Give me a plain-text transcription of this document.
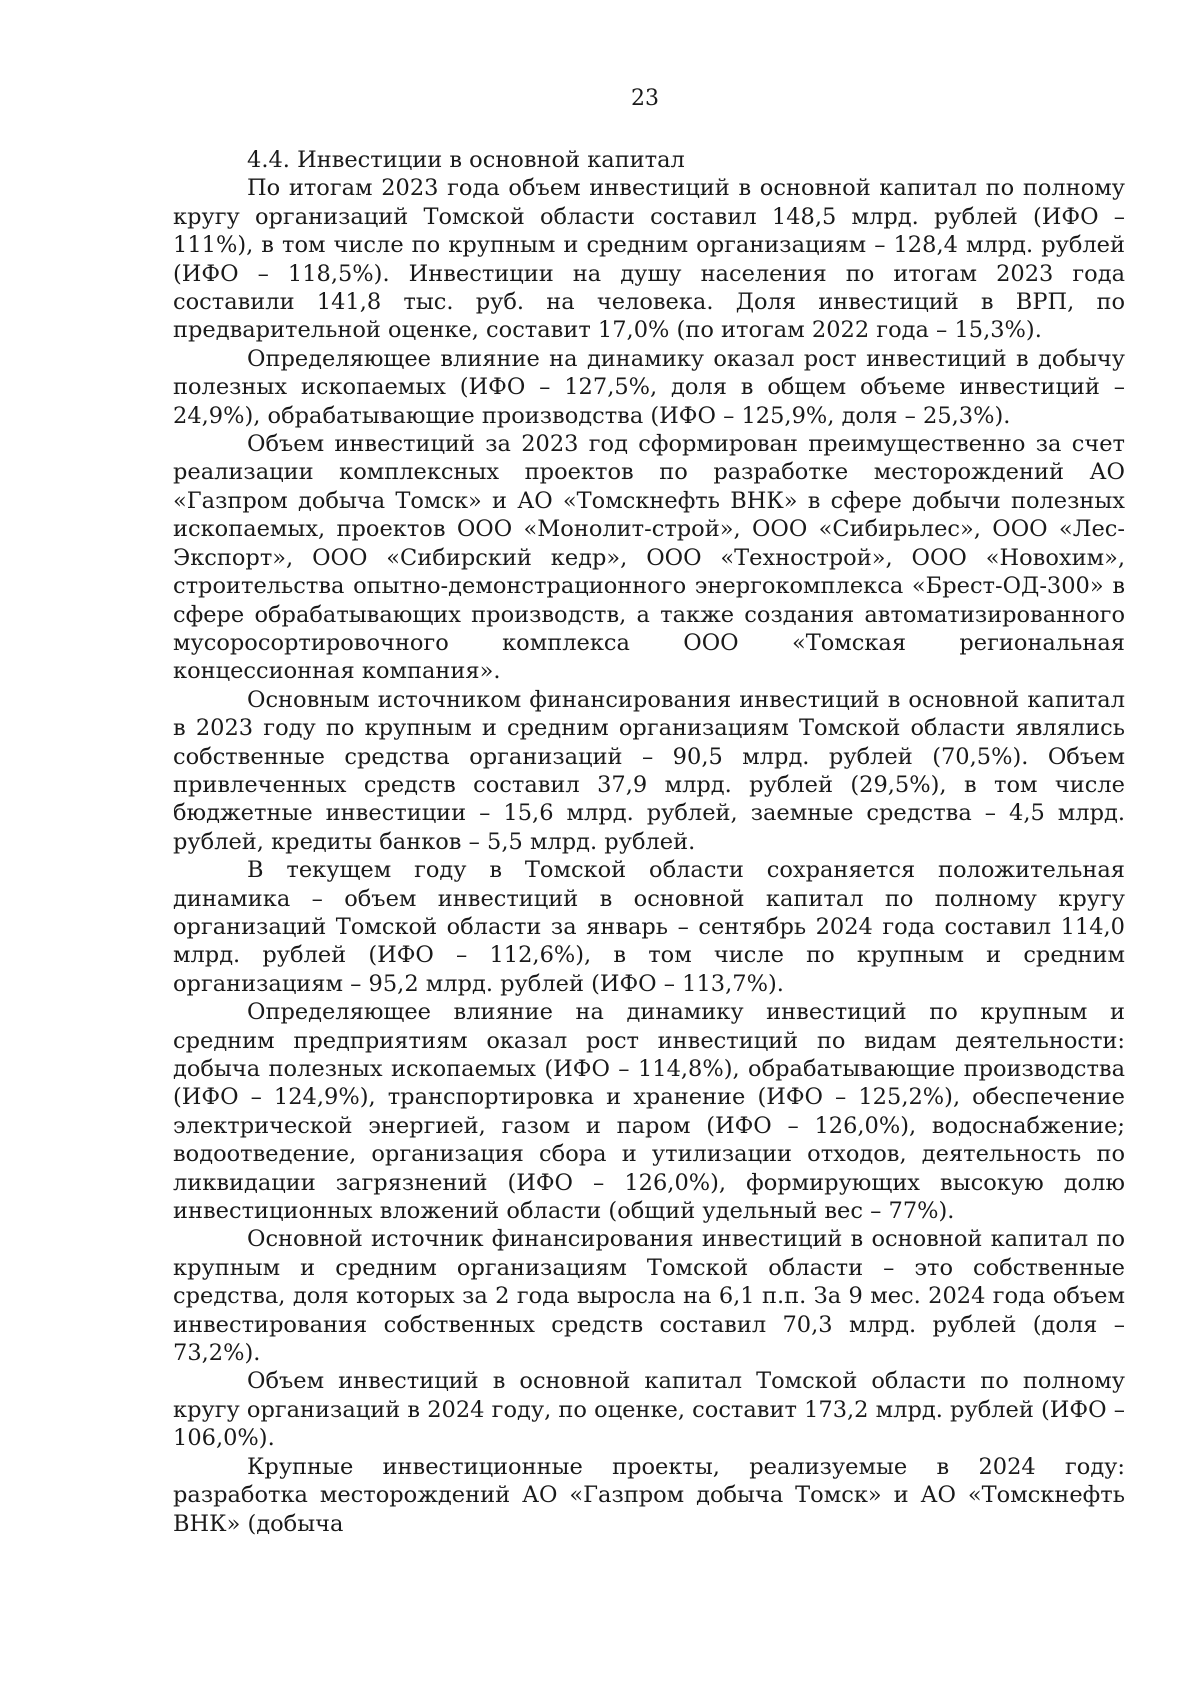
23

4.4. Инвестиции в основной капитал

По итогам 2023 года объем инвестиций в основной капитал по полному кругу организаций Томской области составил 148,5 млрд. рублей (ИФО – 111%), в том числе по крупным и средним организациям – 128,4 млрд. рублей (ИФО – 118,5%). Инвестиции на душу населения по итогам 2023 года составили 141,8 тыс. руб. на человека. Доля инвестиций в ВРП, по предварительной оценке, составит 17,0% (по итогам 2022 года – 15,3%).

Определяющее влияние на динамику оказал рост инвестиций в добычу полезных ископаемых (ИФО – 127,5%, доля в общем объеме инвестиций – 24,9%), обрабатывающие производства (ИФО – 125,9%, доля – 25,3%).

Объем инвестиций за 2023 год сформирован преимущественно за счет реализации комплексных проектов по разработке месторождений АО «Газпром добыча Томск» и АО «Томскнефть ВНК» в сфере добычи полезных ископаемых, проектов ООО «Монолит-строй», ООО «Сибирьлес», ООО «Лес-Экспорт», ООО «Сибирский кедр», ООО «Технострой», ООО «Новохим», строительства опытно-демонстрационного энергокомплекса «Брест-ОД-300» в сфере обрабатывающих производств, а также создания автоматизированного мусоросортировочного комплекса ООО «Томская региональная концессионная компания».

Основным источником финансирования инвестиций в основной капитал в 2023 году по крупным и средним организациям Томской области являлись собственные средства организаций – 90,5 млрд. рублей (70,5%). Объем привлеченных средств составил 37,9 млрд. рублей (29,5%), в том числе бюджетные инвестиции – 15,6 млрд. рублей, заемные средства – 4,5 млрд. рублей, кредиты банков – 5,5 млрд. рублей.

В текущем году в Томской области сохраняется положительная динамика – объем инвестиций в основной капитал по полному кругу организаций Томской области за январь – сентябрь 2024 года составил 114,0 млрд. рублей (ИФО – 112,6%), в том числе по крупным и средним организациям – 95,2 млрд. рублей (ИФО – 113,7%).

Определяющее влияние на динамику инвестиций по крупным и средним предприятиям оказал рост инвестиций по видам деятельности: добыча полезных ископаемых (ИФО – 114,8%), обрабатывающие производства (ИФО – 124,9%), транспортировка и хранение (ИФО – 125,2%), обеспечение электрической энергией, газом и паром (ИФО – 126,0%), водоснабжение; водоотведение, организация сбора и утилизации отходов, деятельность по ликвидации загрязнений (ИФО – 126,0%), формирующих высокую долю инвестиционных вложений области (общий удельный вес – 77%).

Основной источник финансирования инвестиций в основной капитал по крупным и средним организациям Томской области – это собственные средства, доля которых за 2 года выросла на 6,1 п.п. За 9 мес. 2024 года объем инвестирования собственных средств составил 70,3 млрд. рублей (доля – 73,2%).

Объем инвестиций в основной капитал Томской области по полному кругу организаций в 2024 году, по оценке, составит 173,2 млрд. рублей (ИФО – 106,0%).

Крупные инвестиционные проекты, реализуемые в 2024 году: разработка месторождений АО «Газпром добыча Томск» и АО «Томскнефть ВНК» (добыча
